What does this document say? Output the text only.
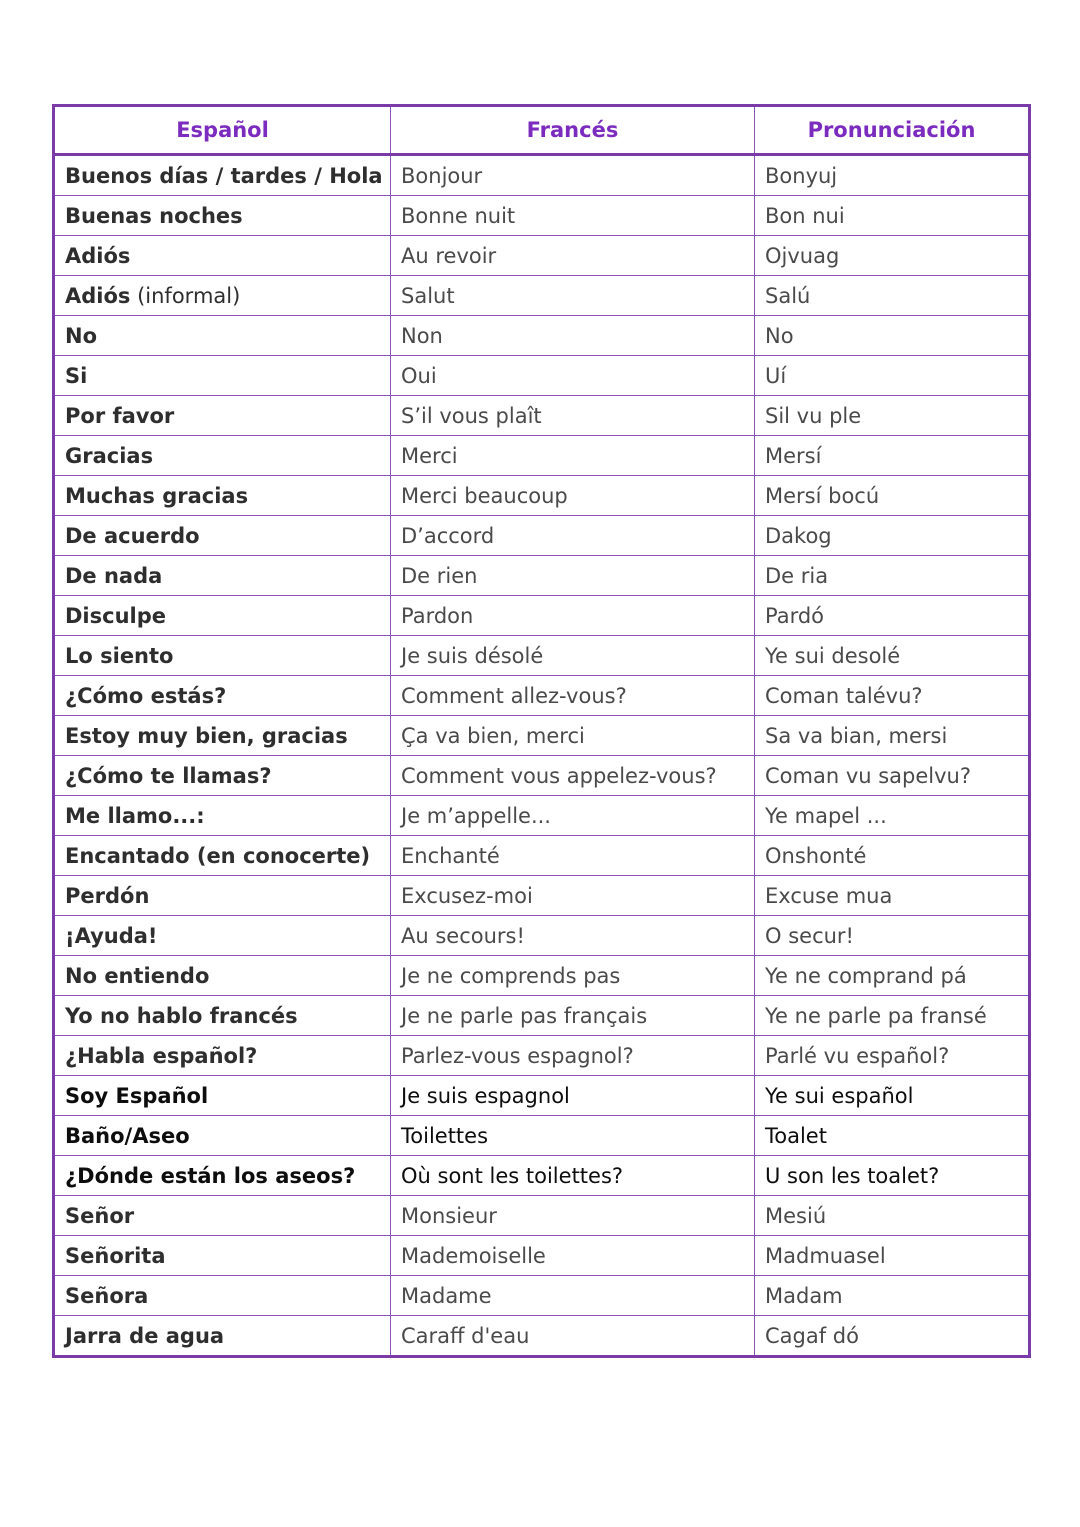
Español	Francés	Pronunciación
Buenos días / tardes / Hola	Bonjour	Bonyuj
Buenas noches	Bonne nuit	Bon nui
Adiós	Au revoir	Ojvuag
Adiós (informal)	Salut	Salú
No	Non	No
Si	Oui	Uí
Por favor	S’il vous plaît	Sil vu ple
Gracias	Merci	Mersí
Muchas gracias	Merci beaucoup	Mersí bocú
De acuerdo	D’accord	Dakog
De nada	De rien	De ria
Disculpe	Pardon	Pardó
Lo siento	Je suis désolé	Ye sui desolé
¿Cómo estás?	Comment allez-vous?	Coman talévu?
Estoy muy bien, gracias	Ça va bien, merci	Sa va bian, mersi
¿Cómo te llamas?	Comment vous appelez-vous?	Coman vu sapelvu?
Me llamo...:	Je m’appelle...	Ye mapel ...
Encantado (en conocerte)	Enchanté	Onshonté
Perdón	Excusez-moi	Excuse mua
¡Ayuda!	Au secours!	O secur!
No entiendo	Je ne comprends pas	Ye ne comprand pá
Yo no hablo francés	Je ne parle pas français	Ye ne parle pa fransé
¿Habla español?	Parlez-vous espagnol?	Parlé vu español?
Soy Español	Je suis espagnol	Ye sui español
Baño/Aseo	Toilettes	Toalet
¿Dónde están los aseos?	Où sont les toilettes?	U son les toalet?
Señor	Monsieur	Mesiú
Señorita	Mademoiselle	Madmuasel
Señora	Madame	Madam
Jarra de agua	Caraff d'eau	Cagaf dó
